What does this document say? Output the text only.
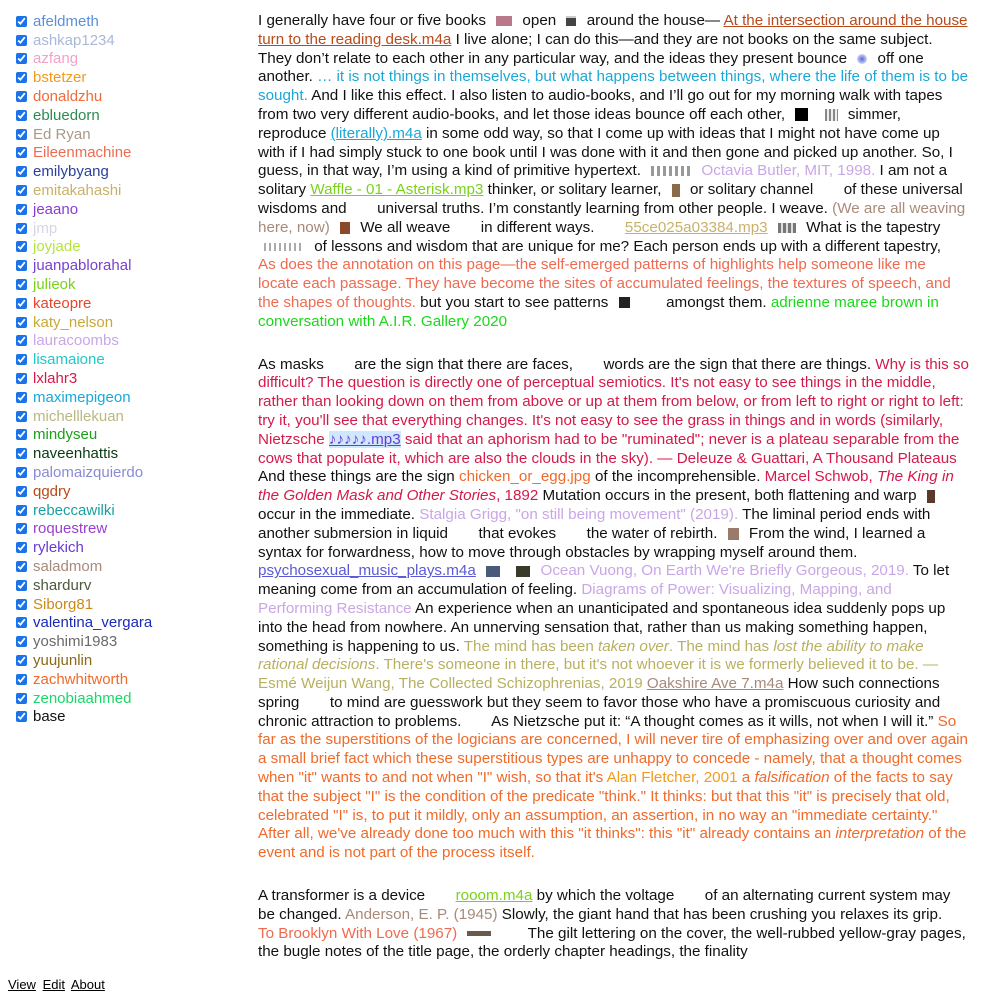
afeldmeth
ashkap1234
azfang
bstetzer
donaldzhu
ebluedorn
Ed Ryan
Eileenmachine
emilybyang
emitakahashi
jeaano
jmp
joyjade
juanpablorahal
julieok
kateopre
katy_nelson
lauracoombs
lisamaione
lxlahr3
maximepigeon
michelllekuan
mindyseu
naveenhattis
palomaizquierdo
qgdry
rebeccawilki
roquestrew
rylekich
saladmom
shardurv
Siborg81
valentina_vergara
yoshimi1983
yuujunlin
zachwhitworth
zenobiaahmed
base
View Edit About

I generally have four or five books open around the house— At the intersection around the house turn to the reading desk.m4a I live alone; I can do this—and they are not books on the same subject. They don’t relate to each other in any particular way, and the ideas they present bounce off one another. … it is not things in themselves, but what happens between things, where the life of them is to be sought. And I like this effect. I also listen to audio-books, and I’ll go out for my morning walk with tapes from two very different audio-books, and let those ideas bounce off each other,	simmer, reproduce (literally).m4a in some odd way, so that I come up with ideas that I might not have come up with if I had simply stuck to one book until I was done with it and then gone and picked up another. So, I guess, in that way, I’m using a kind of primitive hypertext.	Octavia Butler, MIT, 1998. I am not a solitary Waffle - 01 - Asterisk.mp3 thinker, or solitary learner, or solitary channel of these universal wisdoms and universal truths. I’m constantly learning from other people. I weave. (We are all weaving here, now) We all weave in different ways. 55ce025a03384.mp3	What is the tapestry  of lessons and wisdom that are unique for me? Each person ends up with a different tapestry,  As does the annotation on this page—the self-emerged patterns of highlights help someone like me locate each passage. They have become the sites of accumulated feelings, the textures of speech, and the shapes of thoughts. but you start to see patterns	amongst them. adrienne maree brown in conversation with A.I.R. Gallery 2020

As masks are the sign that there are faces, words are the sign that there are things. Why is this so difficult? The question is directly one of perceptual semiotics. It's not easy to see things in the middle, rather than looking down on them from above or up at them from below, or from left to right or right to left: try it, you'll see that everything changes. It's not easy to see the grass in things and in words (similarly, Nietzsche ♪♪♪♪♪.mp3 said that an aphorism had to be "ruminated"; never is a plateau separable from the cows that populate it, which are also the clouds in the sky). — Deleuze & Guattari, A Thousand Plateaus And these things are the sign chicken_or_egg.jpg of the incomprehensible. Marcel Schwob, The King in the Golden Mask and Other Stories, 1892 Mutation occurs in the present, both flattening and warp  occur in the immediate. Stalgia Grigg, "on still being movement" (2019). The liminal period ends with another submersion in liquid that evokes the water of rebirth. From the wind, I learned a syntax for forwardness, how to move through obstacles by wrapping myself around them. psychosexual_music_plays.m4a	Ocean Vuong, On Earth We're Briefly Gorgeous, 2019. To let meaning come from an accumulation of feeling. Diagrams of Power: Visualizing, Mapping, and Performing Resistance An experience when an unanticipated and spontaneous idea suddenly pops up into the head from nowhere. An unnerving sensation that, rather than us making something happen, something is happening to us. The mind has been taken over. The mind has lost the ability to make rational decisions. There's someone in there, but it's not whoever it is we formerly believed it to be. — Esmé Weijun Wang, The Collected Schizophrenias, 2019 Oakshire Ave 7.m4a How such connections spring to mind are guesswork but they seem to favor those who have a promiscuous curiosity and chronic attraction to problems. As Nietzsche put it: “A thought comes as it wills, not when I will it.” So far as the superstitions of the logicians are concerned, I will never tire of emphasizing over and over again a small brief fact which these superstitious types are unhappy to concede - namely, that a thought comes when "it" wants to and not when "I" wish, so that it's Alan Fletcher, 2001 a falsification of the facts to say that the subject "I" is the condition of the predicate "think." It thinks: but that this "it" is precisely that old, celebrated "I" is, to put it mildly, only an assumption, an assertion, in no way an "immediate certainty." After all, we've already done too much with this "it thinks": this "it" already contains an interpretation of the event and is not part of the process itself.

A transformer is a device rooom.m4a by which the voltage of an alternating current system may be changed. Anderson, E. P. (1945) Slowly, the giant hand that has been crushing you relaxes its grip.  To Brooklyn With Love (1967)	The gilt lettering on the cover, the well-rubbed yellow-gray pages, the bugle notes of the title page, the orderly chapter headings, the finality
